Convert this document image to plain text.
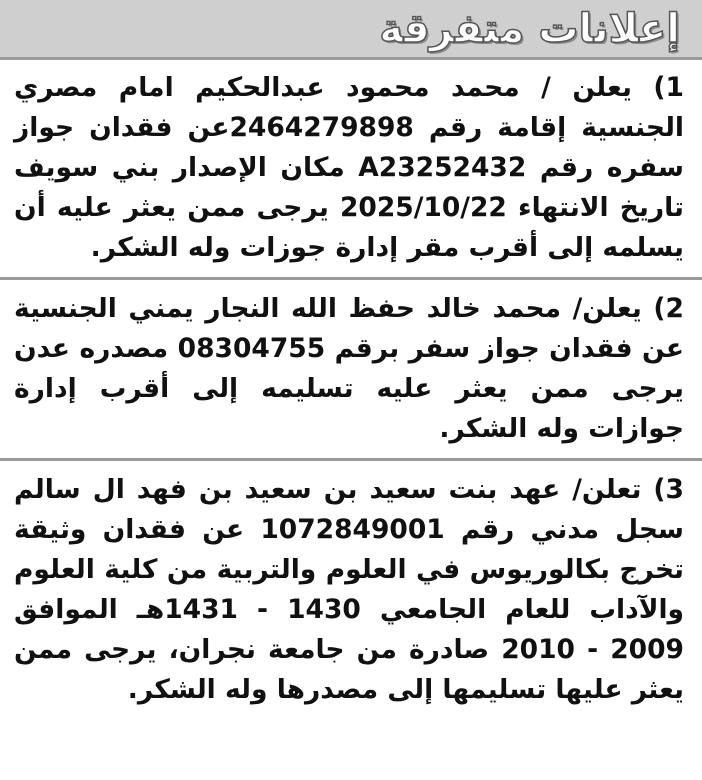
إعلانات متفرقة
1) يعلن / محمد محمود عبدالحكيم امام مصري الجنسية إقامة رقم 2464279898عن فقدان جواز سفره رقم A23252432 مكان الإصدار بني سويف تاريخ الانتهاء 2025/10/22 يرجى ممن يعثر عليه أن يسلمه إلى أقرب مقر إدارة جوزات وله الشكر.
2) يعلن/ محمد خالد حفظ الله النجار يمني الجنسية عن فقدان جواز سفر برقم 08304755 مصدره عدن يرجى ممن يعثر عليه تسليمه إلى أقرب إدارة جوازات وله الشكر.
3) تعلن/ عهد بنت سعيد بن سعيد بن فهد ال سالم سجل مدني رقم 1072849001 عن فقدان وثيقة تخرج بكالوريوس في العلوم والتربية من كلية العلوم والآداب للعام الجامعي 1430 - 1431هـ الموافق 2009 - 2010 صادرة من جامعة نجران، يرجى ممن يعثر عليها تسليمها إلى مصدرها وله الشكر.
